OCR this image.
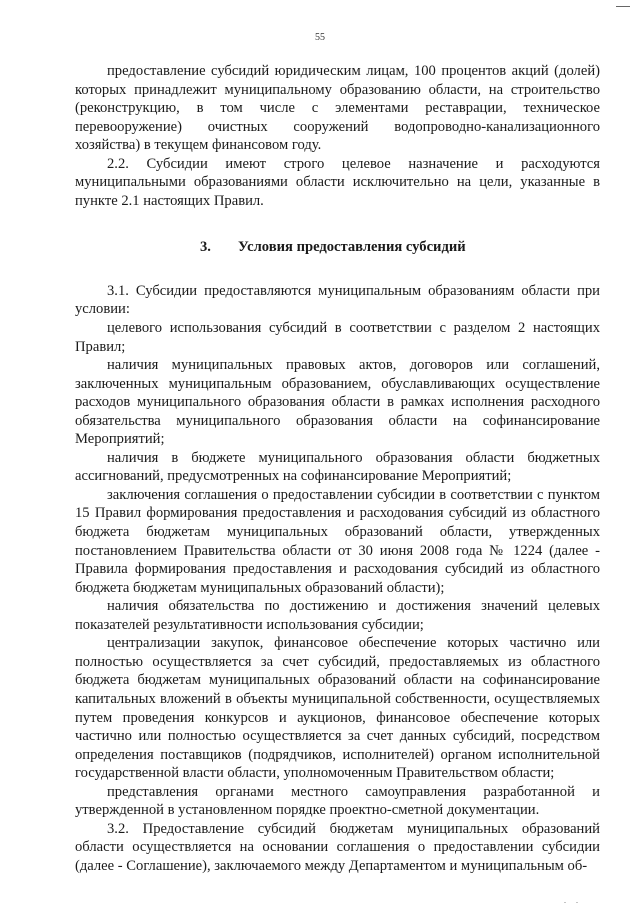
55

предоставление субсидий юридическим лицам, 100 процентов акций (долей) которых принадлежит муниципальному образованию области, на строительство (реконструкцию, в том числе с элементами реставрации, техническое перевооружение) очистных сооружений водопроводно-канализационного хозяйства) в текущем финансовом году.

2.2. Субсидии имеют строго целевое назначение и расходуются муниципальными образованиями области исключительно на цели, указанные в пункте 2.1 настоящих Правил.

3. Условия предоставления субсидий

3.1. Субсидии предоставляются муниципальным образованиям области при условии:

целевого использования субсидий в соответствии с разделом 2 настоящих Правил;

наличия муниципальных правовых актов, договоров или соглашений, заключенных муниципальным образованием, обуславливающих осуществление расходов муниципального образования области в рамках исполнения расходного обязательства муниципального образования области на софинансирование Мероприятий;

наличия в бюджете муниципального образования области бюджетных ассигнований, предусмотренных на софинансирование Мероприятий;

заключения соглашения о предоставлении субсидии в соответствии с пунктом 15 Правил формирования предоставления и расходования субсидий из областного бюджета бюджетам муниципальных образований области, утвержденных постановлением Правительства области от 30 июня 2008 года № 1224 (далее - Правила формирования предоставления и расходования субсидий из областного бюджета бюджетам муниципальных образований области);

наличия обязательства по достижению и достижения значений целевых показателей результативности использования субсидии;

централизации закупок, финансовое обеспечение которых частично или полностью осуществляется за счет субсидий, предоставляемых из областного бюджета бюджетам муниципальных образований области на софинансирование капитальных вложений в объекты муниципальной собственности, осуществляемых путем проведения конкурсов и аукционов, финансовое обеспечение которых частично или полностью осуществляется за счет данных субсидий, посредством определения поставщиков (подрядчиков, исполнителей) органом исполнительной государственной власти области, уполномоченным Правительством области;

представления органами местного самоуправления разработанной и утвержденной в установленном порядке проектно-сметной документации.

3.2. Предоставление субсидий бюджетам муниципальных образований области осуществляется на основании соглашения о предоставлении субсидии (далее - Соглашение), заключаемого между Департаментом и муниципальным об-

. .
